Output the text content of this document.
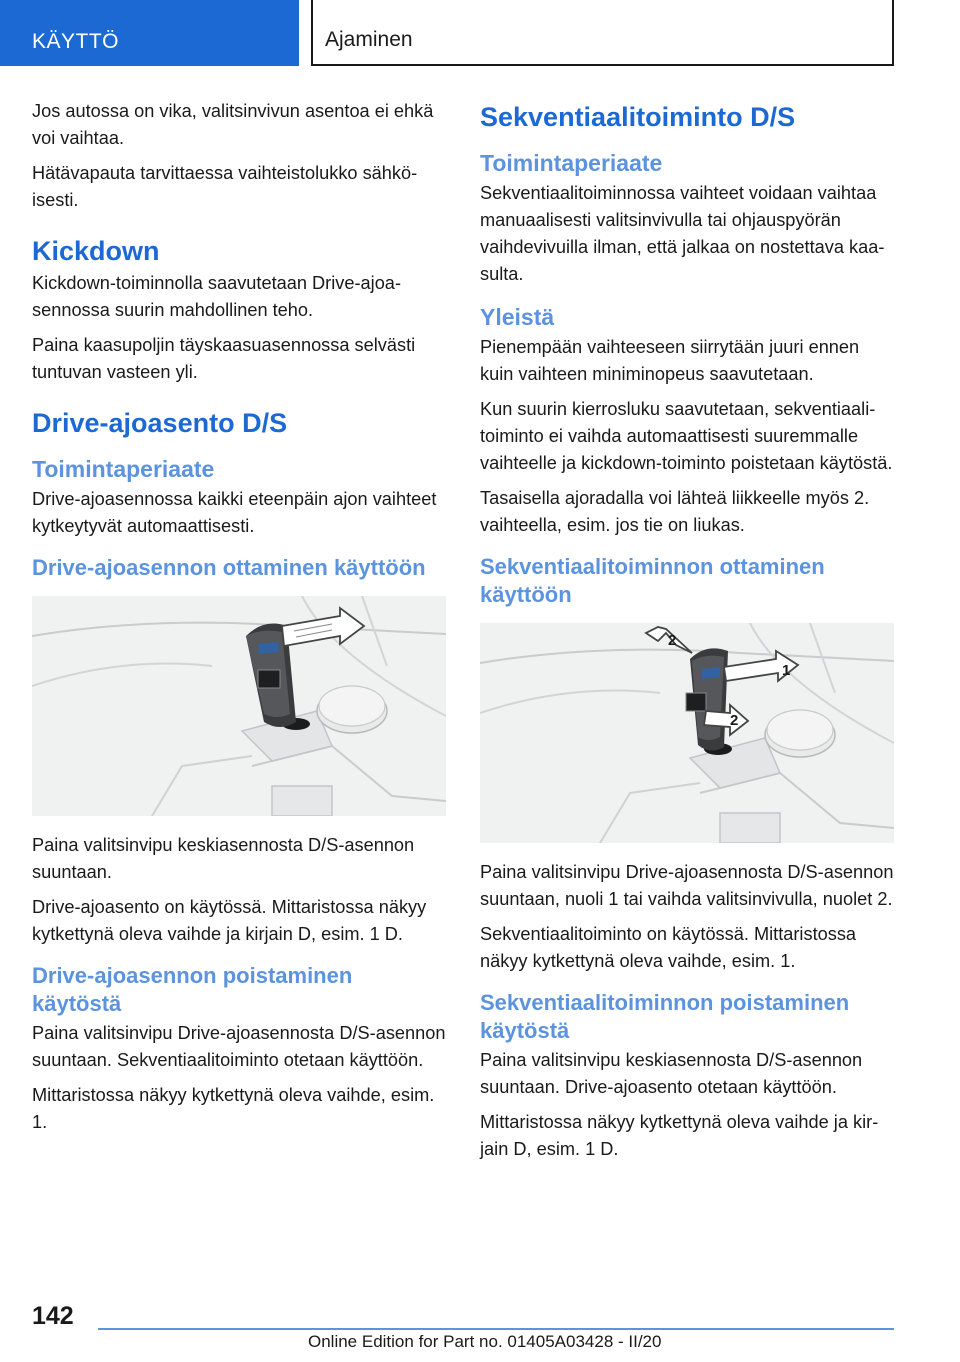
KÄYTTÖ	Ajaminen

Jos autossa on vika, valitsinvivun asentoa ei ehkä voi vaihtaa.

Hätävapauta tarvittaessa vaihteistolukko sähköisesti.

Kickdown

Kickdown-toiminnolla saavutetaan Drive-ajoasennossa suurin mahdollinen teho.

Paina kaasupoljin täyskaasuasennossa selvästi tuntuvan vasteen yli.

Drive-ajoasento D/S
Toimintaperiaate

Drive-ajoasennossa kaikki eteenpäin ajon vaihteet kytkeytyvät automaattisesti.

Drive-ajoasennon ottaminen käyttöön

Paina valitsinvipu keskiasennosta D/S-asennon suuntaan.

Drive-ajoasento on käytössä. Mittaristossa näkyy kytkettynä oleva vaihde ja kirjain D, esim. 1 D.

Drive-ajoasennon poistaminen käytöstä

Paina valitsinvipu Drive-ajoasennosta D/S-asennon suuntaan. Sekventiaalitoiminto otetaan käyttöön.

Mittaristossa näkyy kytkettynä oleva vaihde, esim. 1.

Sekventiaalitoiminto D/S
Toimintaperiaate

Sekventiaalitoiminnossa vaihteet voidaan vaihtaa manuaalisesti valitsinvivulla tai ohjauspyörän vaihdevivuilla ilman, että jalkaa on nostettava kaasulta.

Yleistä

Pienempään vaihteeseen siirrytään juuri ennen kuin vaihteen miniminopeus saavutetaan.

Kun suurin kierrosluku saavutetaan, sekventiaalitoiminto ei vaihda automaattisesti suuremmalle vaihteelle ja kickdown-toiminto poistetaan käytöstä.

Tasaisella ajoradalla voi lähteä liikkeelle myös 2. vaihteella, esim. jos tie on liukas.

Sekventiaalitoiminnon ottaminen käyttöön
1
2
2

Paina valitsinvipu Drive-ajoasennosta D/S-asennon suuntaan, nuoli 1 tai vaihda valitsinvivulla, nuolet 2.

Sekventiaalitoiminto on käytössä. Mittaristossa näkyy kytkettynä oleva vaihde, esim. 1.

Sekventiaalitoiminnon poistaminen käytöstä

Paina valitsinvipu keskiasennosta D/S-asennon suuntaan. Drive-ajoasento otetaan käyttöön.

Mittaristossa näkyy kytkettynä oleva vaihde ja kirjain D, esim. 1 D.

142
Online Edition for Part no. 01405A03428 - II/20
